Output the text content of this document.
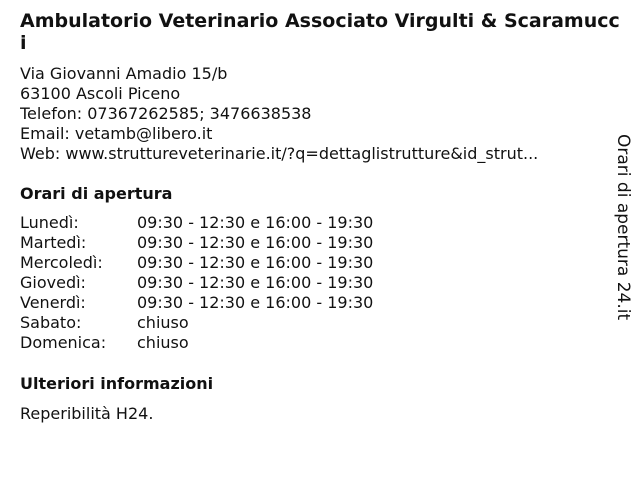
Ambulatorio Veterinario Associato Virgulti & Scaramucci
Via Giovanni Amadio 15/b
63100 Ascoli Piceno
Telefon: 07367262585; 3476638538
Email: vetamb@libero.it
Web: www.struttureveterinarie.it/?q=dettaglistrutture&id_strut...
Orari di apertura
Lunedì:	09:30 - 12:30 e 16:00 - 19:30
Martedì:	09:30 - 12:30 e 16:00 - 19:30
Mercoledì:	09:30 - 12:30 e 16:00 - 19:30
Giovedì:	09:30 - 12:30 e 16:00 - 19:30
Venerdì:	09:30 - 12:30 e 16:00 - 19:30
Sabato:	chiuso
Domenica:	chiuso
Ulteriori informazioni
Reperibilità H24.
Orari di apertura 24.it
